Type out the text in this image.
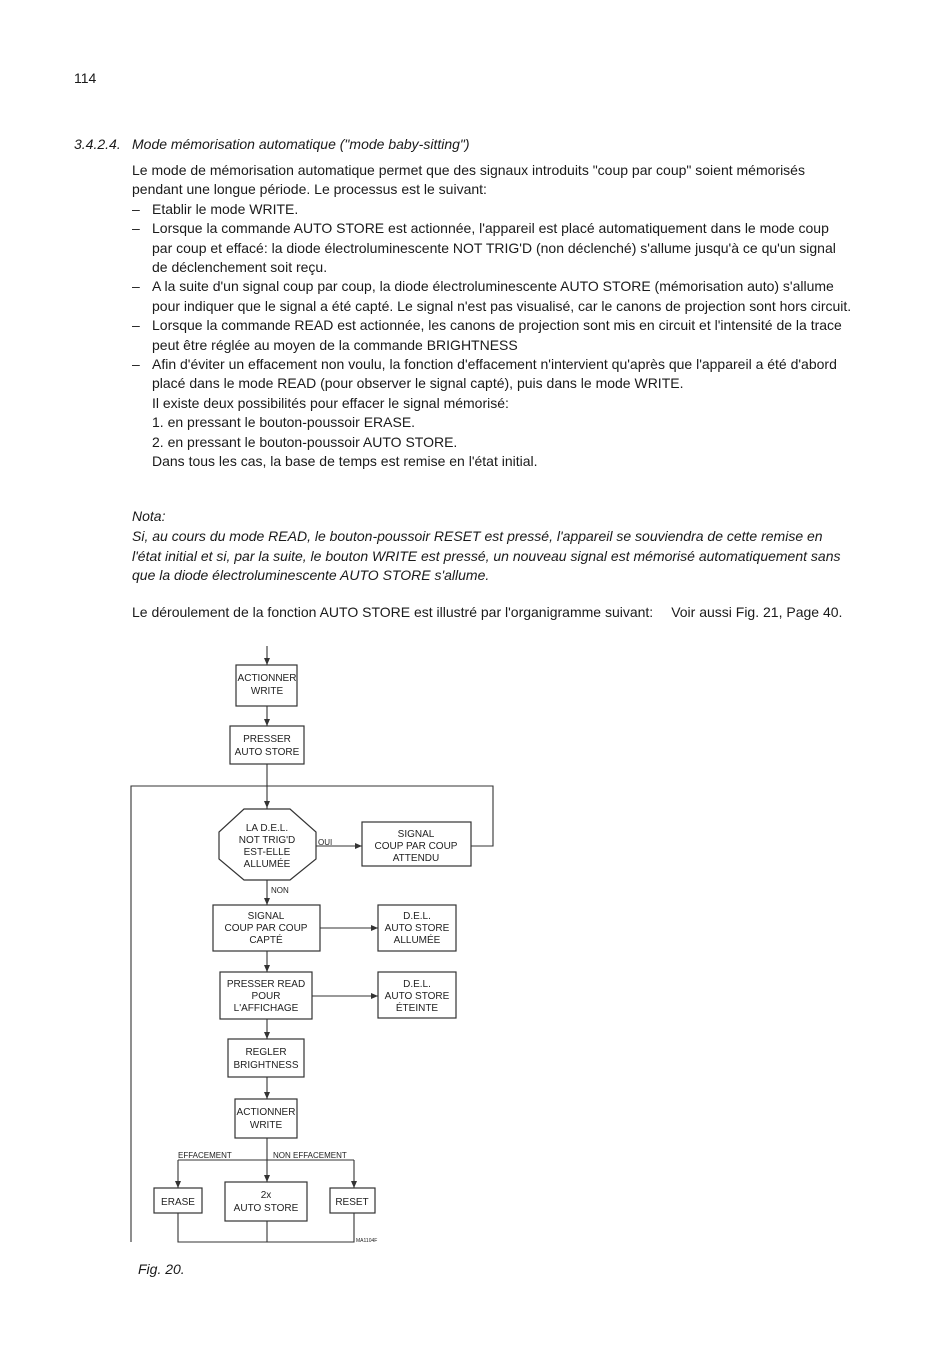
114
3.4.2.4. Mode mémorisation automatique ("mode baby-sitting")

Le mode de mémorisation automatique permet que des signaux introduits "coup par coup" soient mémorisés

pendant une longue période. Le processus est le suivant:

– Etablir le mode WRITE.

– Lorsque la commande AUTO STORE est actionnée, l'appareil est placé automatiquement dans le mode coup par coup et effacé: la diode électroluminescente NOT TRIG'D (non déclenché) s'allume jusqu'à ce qu'un signal de déclenchement soit reçu.

– A la suite d'un signal coup par coup, la diode électroluminescente AUTO STORE (mémorisation auto) s'allume pour indiquer que le signal a été capté. Le signal n'est pas visualisé, car le canons de projection sont hors circuit.

– Lorsque la commande READ est actionnée, les canons de projection sont mis en circuit et l'intensité de la trace peut être réglée au moyen de la commande BRIGHTNESS

– Afin d'éviter un effacement non voulu, la fonction d'effacement n'intervient qu'après que l'appareil a été d'abord placé dans le mode READ (pour observer le signal capté), puis dans le mode WRITE.

Il existe deux possibilités pour effacer le signal mémorisé:

1. en pressant le bouton-poussoir ERASE.

2. en pressant le bouton-poussoir AUTO STORE.

Dans tous les cas, la base de temps est remise en l'état initial.

Nota:
Si, au cours du mode READ, le bouton-poussoir RESET est pressé, l'appareil se souviendra de cette remise en l'état initial et si, par la suite, le bouton WRITE est pressé, un nouveau signal est mémorisé automatiquement sans que la diode électroluminescente AUTO STORE s'allume.
Le déroulement de la fonction AUTO STORE est illustré par l'organigramme suivant: Voir aussi Fig. 21, Page 40.
ACTIONNER
WRITE
PRESSER
AUTO STORE
LA D.E.L.
NOT TRIG'D
EST-ELLE
ALLUMÉE
OUI
NON
SIGNAL
COUP PAR COUP
ATTENDU
SIGNAL
COUP PAR COUP
CAPTÉ
D.E.L.
AUTO STORE
ALLUMÉE
PRESSER READ
POUR
L'AFFICHAGE
D.E.L.
AUTO STORE
ÉTEINTE
REGLER
BRIGHTNESS
ACTIONNER
WRITE
EFFACEMENT	NON EFFACEMENT
ERASE
2x
AUTO STORE
RESET
MA1104F
Fig. 20.
